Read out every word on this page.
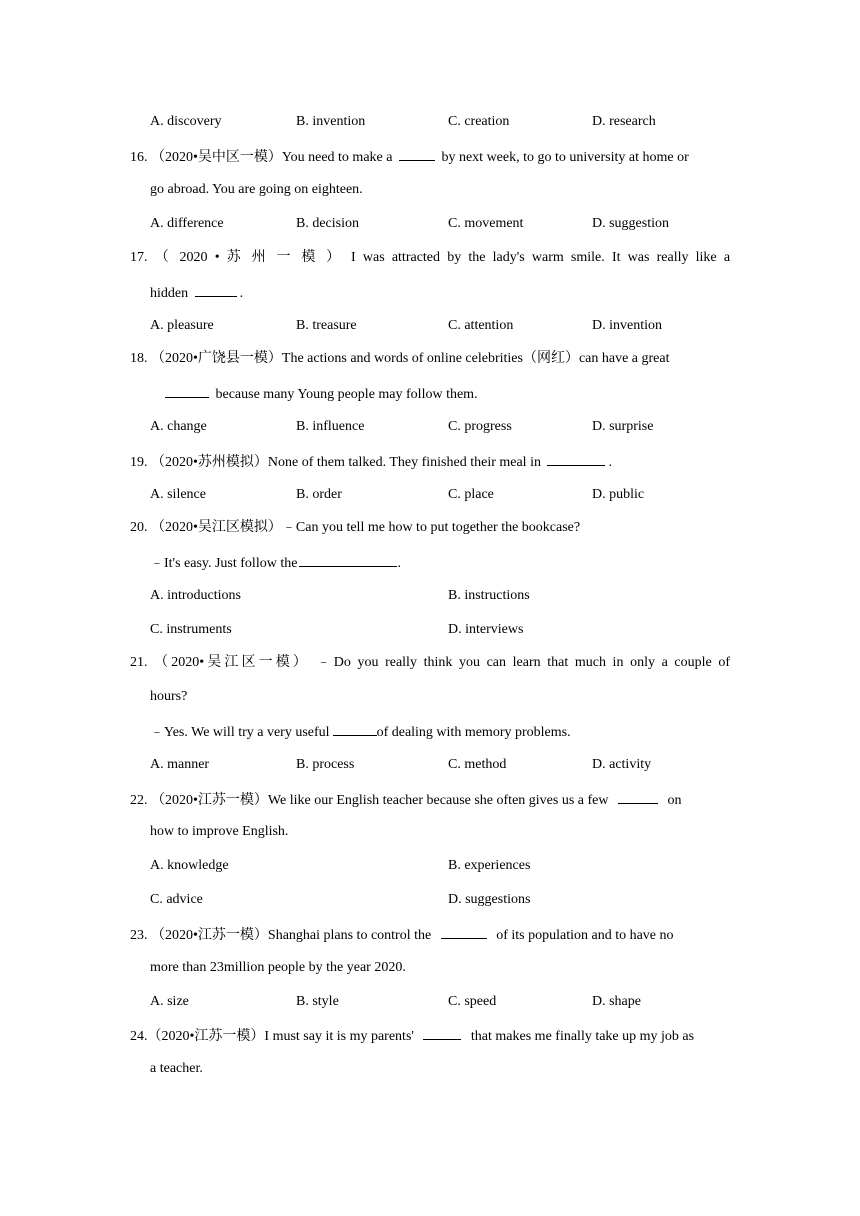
A. discovery	B. invention	C. creation	D. research
16. （2020•吴中区一模）You need to make a	by next week, to go to university at home or
go abroad. You are going on eighteen.
A. difference	B. decision	C. movement	D. suggestion
17. （ 2020 • 苏 州 一 模 ） I was attracted by the lady's warm smile. It was really like a
hidden	.
A. pleasure	B. treasure	C. attention	D. invention
18. （2020•广饶县一模）The actions and words of online celebrities（网红）can have a great
because many Young people may follow them.
A. change	B. influence	C. progress	D. surprise
19. （2020•苏州模拟）None of them talked. They finished their meal in	.
A. silence	B. order	C. place	D. public
20. （2020•吴江区模拟）﹣Can you tell me how to put together the bookcase?
﹣It's easy. Just follow the	.
A. introductions	B. instructions
C. instruments	D. interviews
21. （2020•吴江区一模） ﹣Do you really think you can learn that much in only a couple of
hours?
﹣Yes. We will try a very useful	of dealing with memory problems.
A. manner	B. process	C. method	D. activity
22. （2020•江苏一模）We like our English teacher because she often gives us a few	on
how to improve English.
A. knowledge	B. experiences
C. advice	D. suggestions
23. （2020•江苏一模）Shanghai plans to control the	of its population and to have no
more than 23million people by the year 2020.
A. size	B. style	C. speed	D. shape
24.（2020•江苏一模）I must say it is my parents'	that makes me finally take up my job as
a teacher.
